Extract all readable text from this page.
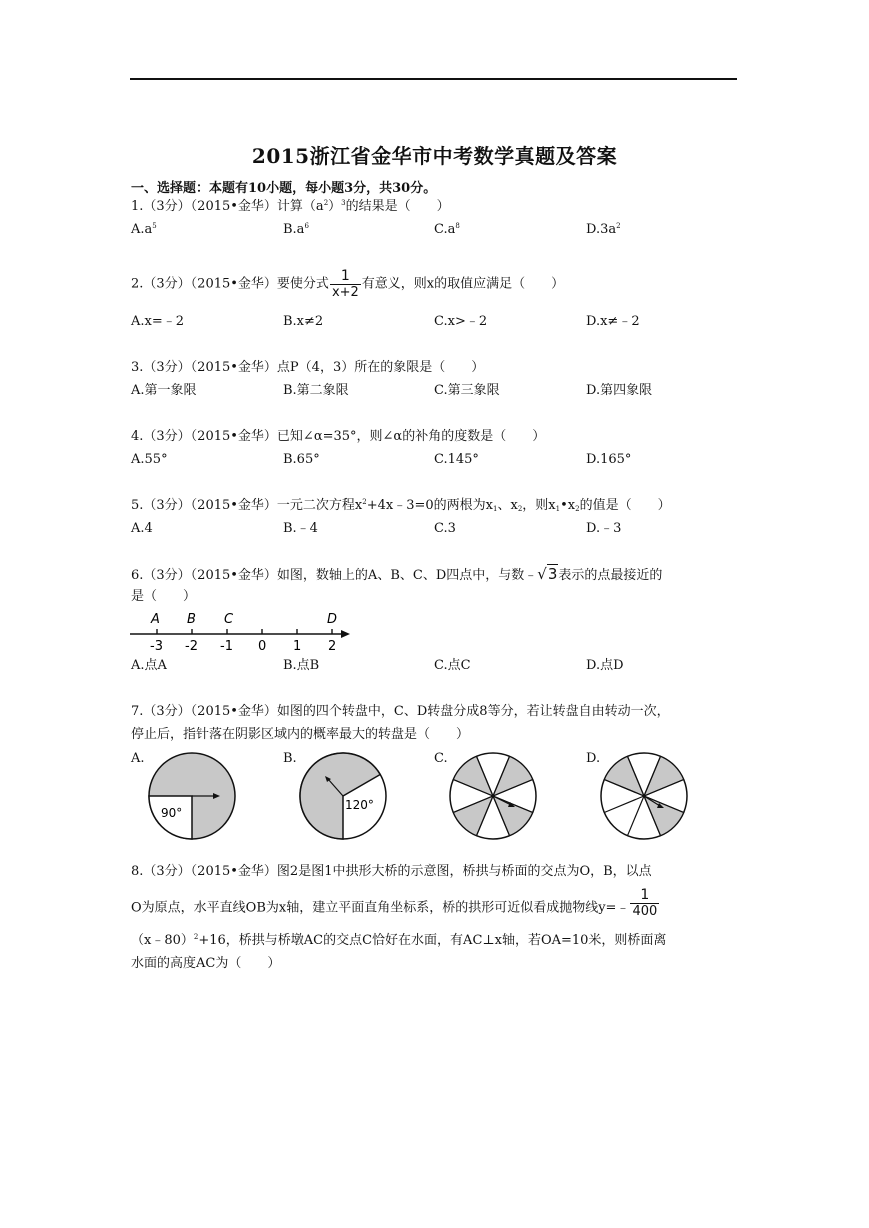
2015浙江省金华市中考数学真题及答案
一、选择题：本题有10小题，每小题3分，共30分。
1.（3分）（2015•金华）计算$(a^2)^3$的结果是（　　）
$A.a^5$	$B.a^6$	$C.a^8$	$D.3a^2$
2.（3分）（2015•金华）要使分式 $\frac{1}{x+2}$ 有意义，则x的取值应满足（　　）
A.x=﹣2	B.x≠2	C.x>﹣2	D.x≠﹣2
3.（3分）（2015•金华）点P（4，3）所在的象限是（　　）
A.第一象限	B.第二象限	C.第三象限	D.第四象限
4.（3分）（2015•金华）已知∠α=35°，则∠α的补角的度数是（　　）
A.55°	B.65°	C.145°	D.165°
5.（3分）（2015•金华）一元二次方程$x^2+4x﹣3=0$的两根为$x_1$、$x_2$，则$x_1•x_2$的值是（　　）
A.4	B.﹣4	C.3	D.﹣3
6.（3分）（2015•金华）如图，数轴上的A、B、C、D四点中，与数﹣√3表示的点最接近的
是（　　）
A B C	D
-3 -2 -1 0 1 2
A.点A	B.点B	C.点C	D.点D
7.（3分）（2015•金华）如图的四个转盘中，C、D转盘分成8等分，若让转盘自由转动一次，
停止后，指针落在阴影区域内的概率最大的转盘是（　　）
A.	B.	C.	D.
90°
120°
8.（3分）（2015•金华）图2是图1中拱形大桥的示意图，桥拱与桥面的交点为O，B，以点
O为原点，水平直线OB为x轴，建立平面直角坐标系，桥的拱形可近似看成抛物线y=﹣ $\frac{1}{400}$
（x﹣80）$^2$+16，桥拱与桥墩AC的交点C恰好在水面，有AC⊥x轴，若OA=10米，则桥面离
水面的高度AC为（　　）
